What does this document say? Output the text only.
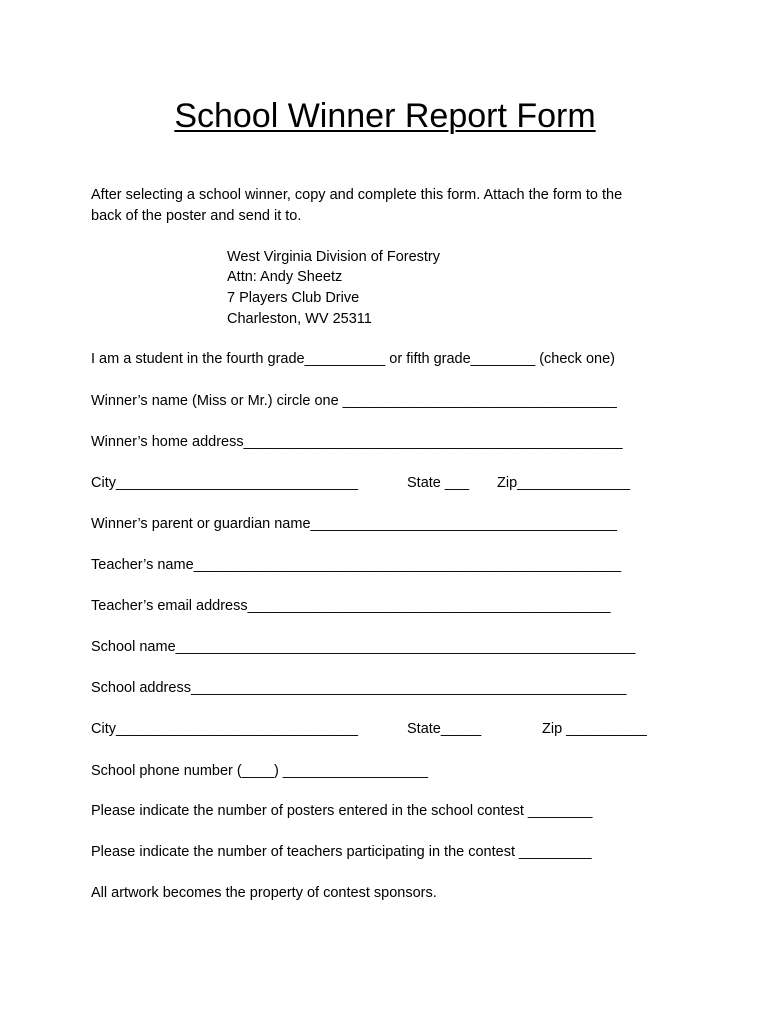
School Winner Report Form
After selecting a school winner, copy and complete this form. Attach the form to the
back of the poster and send it to.
West Virginia Division of Forestry
Attn: Andy Sheetz
7 Players Club Drive
Charleston, WV 25311
I am a student in the fourth grade__________ or fifth grade________ (check one)
Winner’s name (Miss or Mr.) circle one __________________________________
Winner’s home address_______________________________________________
City______________________________	State ___ Zip______________
Winner’s parent or guardian name______________________________________
Teacher’s name_____________________________________________________
Teacher’s email address_____________________________________________
School name_________________________________________________________
School address______________________________________________________
City______________________________	State_____	Zip __________
School phone number (____) __________________
Please indicate the number of posters entered in the school contest ________
Please indicate the number of teachers participating in the contest _________
All artwork becomes the property of contest sponsors.
